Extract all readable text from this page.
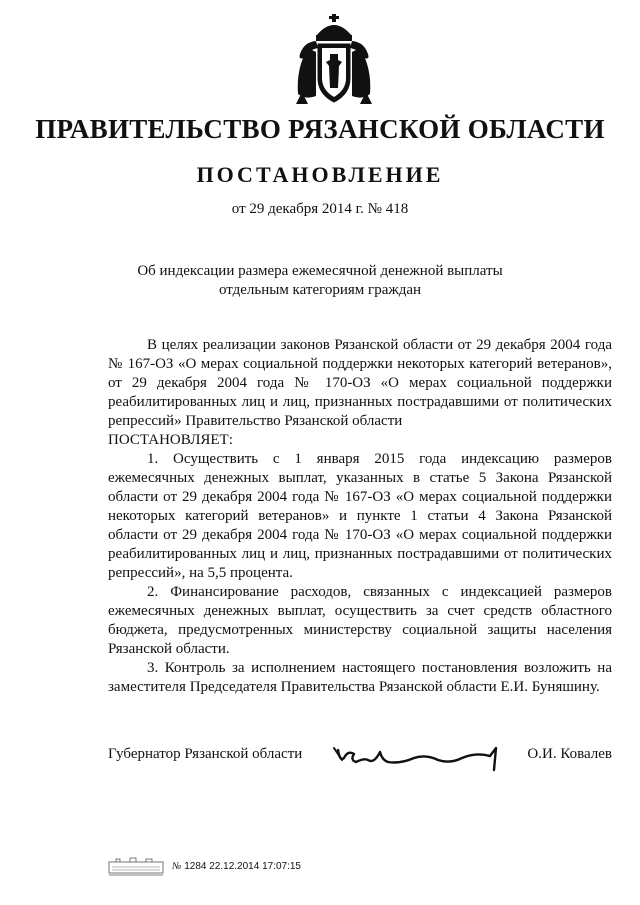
ПРАВИТЕЛЬСТВО РЯЗАНСКОЙ ОБЛАСТИ
ПОСТАНОВЛЕНИЕ

от 29 декабря 2014 г. № 418

Об индексации размера ежемесячной денежной выплаты
отдельным категориям граждан

В целях реализации законов Рязанской области от 29 декабря 2004 года № 167-ОЗ «О мерах социальной поддержки некоторых категорий ветеранов», от 29 декабря 2004 года № 170-ОЗ «О мерах социальной поддержки реабилитированных лиц и лиц, признанных пострадавшими от политических репрессий» Правительство Рязанской области

ПОСТАНОВЛЯЕТ:

1. Осуществить с 1 января 2015 года индексацию размеров ежемесячных денежных выплат, указанных в статье 5 Закона Рязанской области от 29 декабря 2004 года № 167-ОЗ «О мерах социальной поддержки некоторых категорий ветеранов» и пункте 1 статьи 4 Закона Рязанской области от 29 декабря 2004 года № 170-ОЗ «О мерах социальной поддержки реабилитированных лиц и лиц, признанных пострадавшими от политических репрессий», на 5,5 процента.

2. Финансирование расходов, связанных с индексацией размеров ежемесячных денежных выплат, осуществить за счет средств областного бюджета, предусмотренных министерству социальной защиты населения Рязанской области.

3. Контроль за исполнением настоящего постановления возложить на заместителя Председателя Правительства Рязанской области Е.И. Буняшину.

Губернатор Рязанской области	О.И. Ковалев
№ 1284 22.12.2014 17:07:15
